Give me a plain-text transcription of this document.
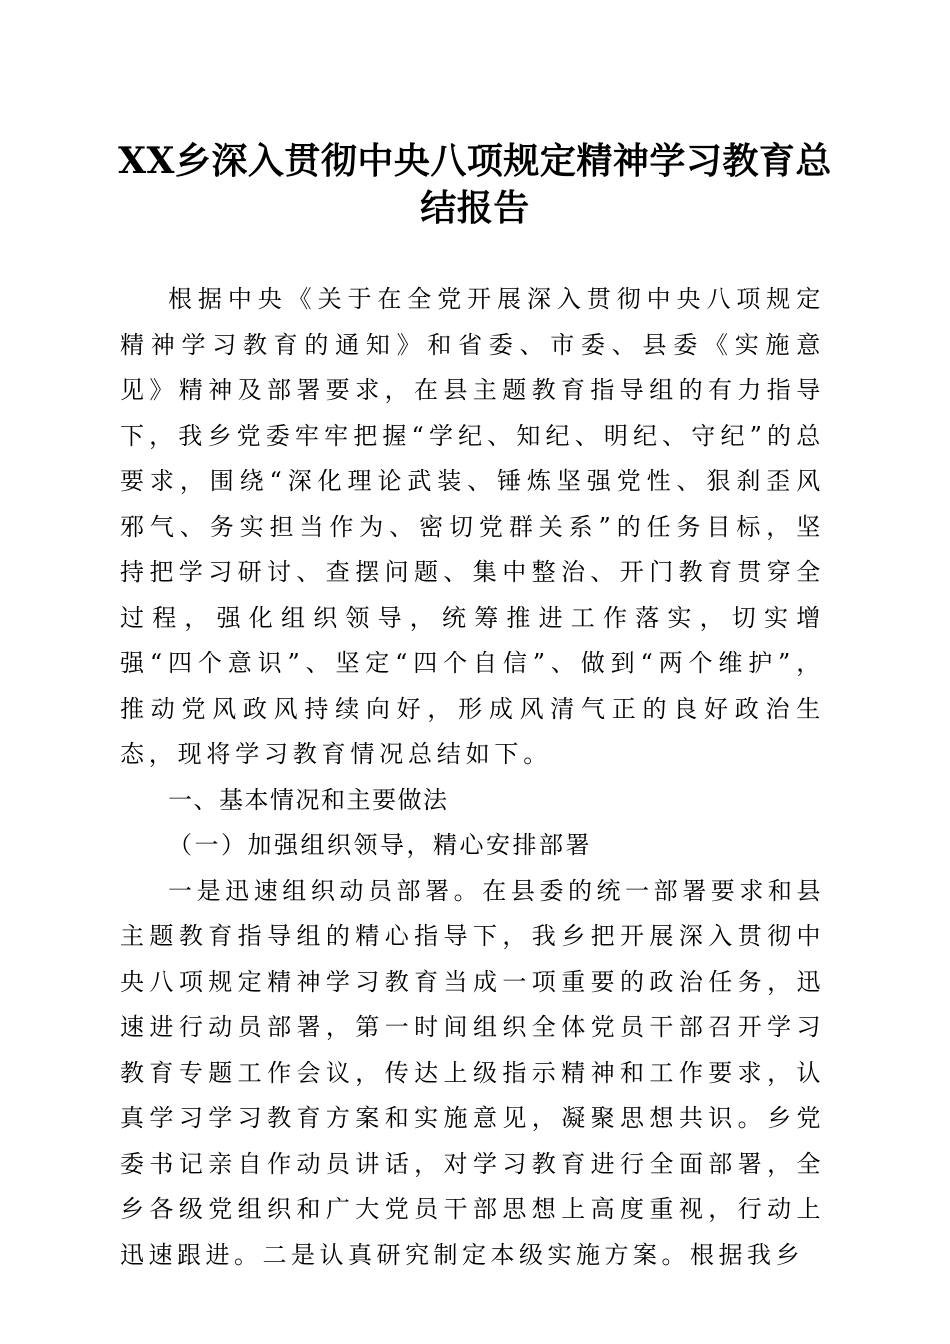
XX乡深入贯彻中央八项规定精神学习教育总结报告

根据中央《关于在全党开展深入贯彻中央八项规定精神学习教育的通知》和省委、市委、县委《实施意见》精神及部署要求，在县主题教育指导组的有力指导下，我乡党委牢牢把握“学纪、知纪、明纪、守纪”的总要求，围绕“深化理论武装、锤炼坚强党性、狠刹歪风邪气、务实担当作为、密切党群关系”的任务目标，坚持把学习研讨、查摆问题、集中整治、开门教育贯穿全过程，强化组织领导，统筹推进工作落实，切实增强“四个意识”、坚定“四个自信”、做到“两个维护”，推动党风政风持续向好，形成风清气正的良好政治生态，现将学习教育情况总结如下。

一、基本情况和主要做法

（一）加强组织领导，精心安排部署

一是迅速组织动员部署。在县委的统一部署要求和县主题教育指导组的精心指导下，我乡把开展深入贯彻中央八项规定精神学习教育当成一项重要的政治任务，迅速进行动员部署，第一时间组织全体党员干部召开学习教育专题工作会议，传达上级指示精神和工作要求，认真学习学习教育方案和实施意见，凝聚思想共识。乡党委书记亲自作动员讲话，对学习教育进行全面部署，全乡各级党组织和广大党员干部思想上高度重视，行动上迅速跟进。二是认真研究制定本级实施方案。根据我乡
